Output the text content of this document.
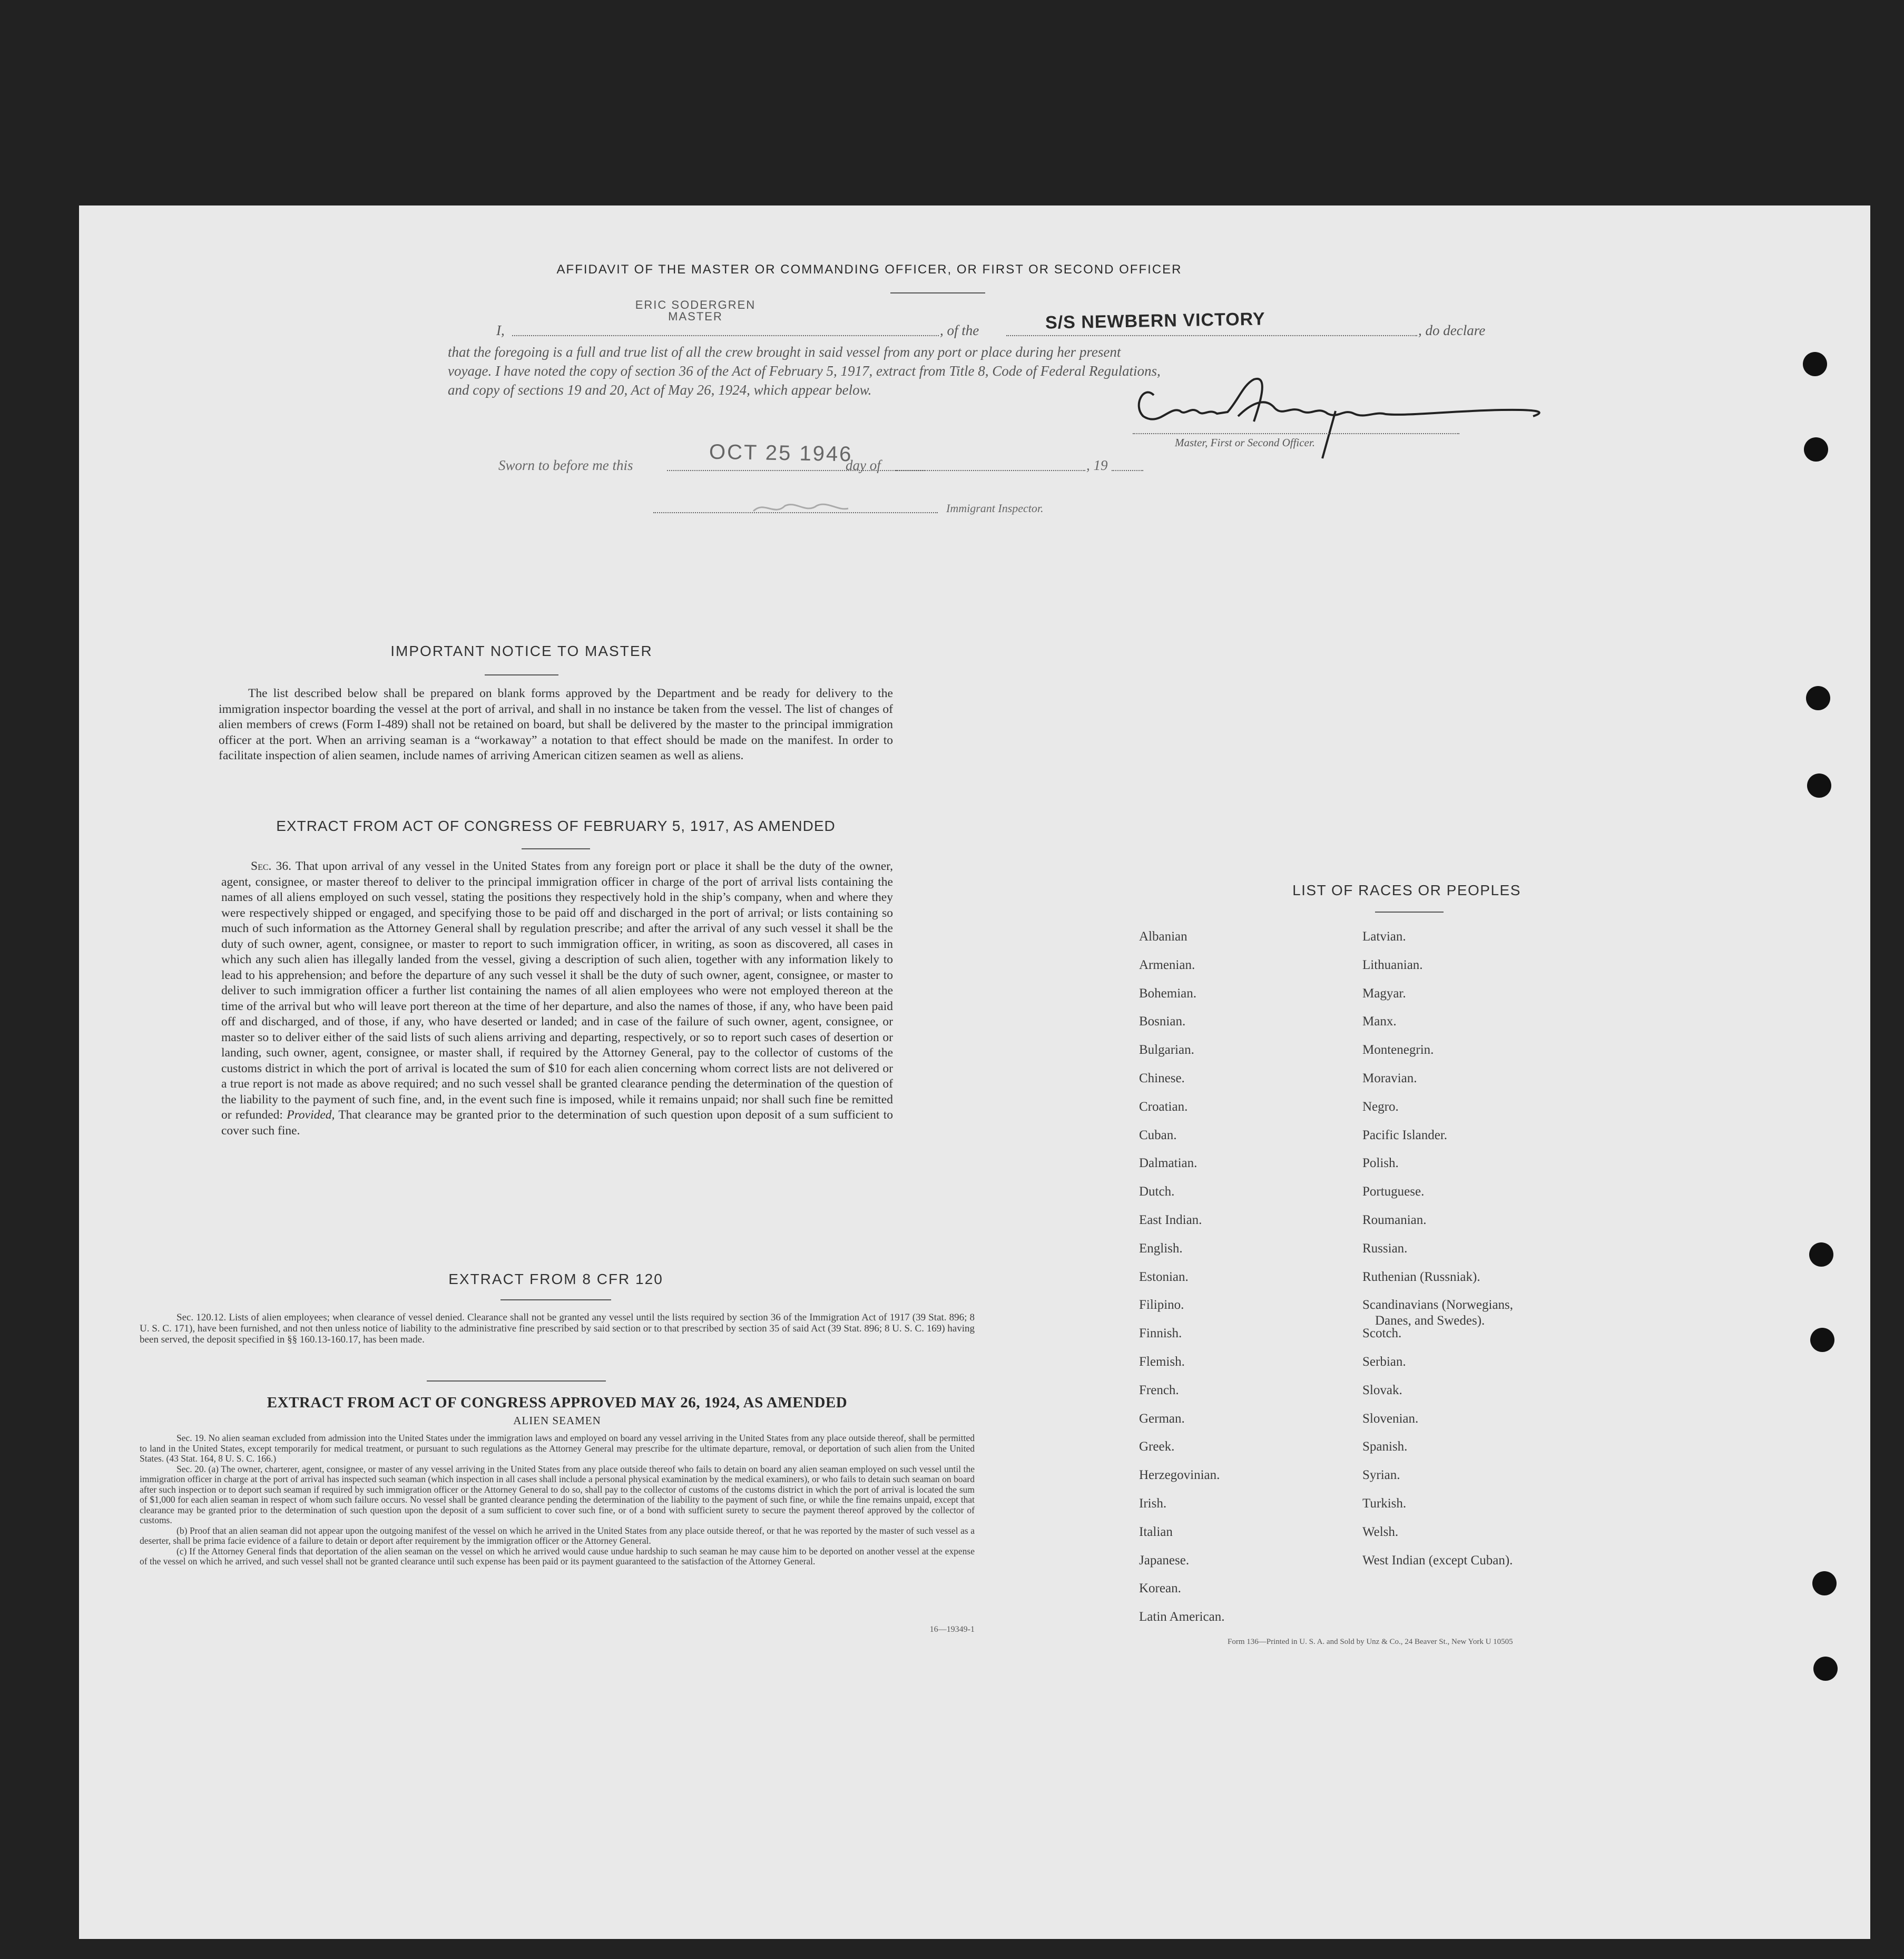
AFFIDAVIT OF THE MASTER OR COMMANDING OFFICER, OR FIRST OR SECOND OFFICER
ERIC SODERGREN
MASTER
I,	, of the	S/S NEWBERN VICTORY	, do declare
that the foregoing is a full and true list of all the crew brought in said vessel from any port or place during her present
voyage. I have noted the copy of section 36 of the Act of February 5, 1917, extract from Title 8, Code of Federal Regulations,
and copy of sections 19 and 20, Act of May 26, 1924, which appear below.
Master, First or Second Officer.
Sworn to before me this	OCT 25 1946
day of	, 19
Immigrant Inspector.
IMPORTANT NOTICE TO MASTER
The list described below shall be prepared on blank forms approved by the Department and be ready for delivery to the immigration inspector boarding the vessel at the port of arrival, and shall in no instance be taken from the vessel. The list of changes of alien members of crews (Form I-489) shall not be retained on board, but shall be delivered by the master to the principal immigration officer at the port. When an arriving seaman is a “workaway” a notation to that effect should be made on the manifest. In order to facilitate inspection of alien seamen, include names of arriving American citizen seamen as well as aliens.
EXTRACT FROM ACT OF CONGRESS OF FEBRUARY 5, 1917, AS AMENDED
Sec. 36. That upon arrival of any vessel in the United States from any foreign port or place it shall be the duty of the owner, agent, consignee, or master thereof to deliver to the principal immigration officer in charge of the port of arrival lists containing the names of all aliens employed on such vessel, stating the positions they respectively hold in the ship’s company, when and where they were respectively shipped or engaged, and specifying those to be paid off and discharged in the port of arrival; or lists containing so much of such information as the Attorney General shall by regulation prescribe; and after the arrival of any such vessel it shall be the duty of such owner, agent, consignee, or master to report to such immigration officer, in writing, as soon as discovered, all cases in which any such alien has illegally landed from the vessel, giving a description of such alien, together with any information likely to lead to his apprehension; and before the departure of any such vessel it shall be the duty of such owner, agent, consignee, or master to deliver to such immigration officer a further list containing the names of all alien employees who were not employed thereon at the time of the arrival but who will leave port thereon at the time of her departure, and also the names of those, if any, who have been paid off and discharged, and of those, if any, who have deserted or landed; and in case of the failure of such owner, agent, consignee, or master so to deliver either of the said lists of such aliens arriving and departing, respectively, or so to report such cases of desertion or landing, such owner, agent, consignee, or master shall, if required by the Attorney General, pay to the collector of customs of the customs district in which the port of arrival is located the sum of $10 for each alien concerning whom correct lists are not delivered or a true report is not made as above required; and no such vessel shall be granted clearance pending the determination of the question of the liability to the payment of such fine, and, in the event such fine is imposed, while it remains unpaid; nor shall such fine be remitted or refunded: Provided, That clearance may be granted prior to the determination of such question upon deposit of a sum sufficient to cover such fine.
EXTRACT FROM 8 CFR 120
Sec. 120.12. Lists of alien employees; when clearance of vessel denied. Clearance shall not be granted any vessel until the lists required by section 36 of the Immigration Act of 1917 (39 Stat. 896; 8 U. S. C. 171), have been furnished, and not then unless notice of liability to the administrative fine prescribed by said section or to that prescribed by section 35 of said Act (39 Stat. 896; 8 U. S. C. 169) having been served, the deposit specified in §§ 160.13-160.17, has been made.
EXTRACT FROM ACT OF CONGRESS APPROVED MAY 26, 1924, AS AMENDED
ALIEN SEAMEN
Sec. 19. No alien seaman excluded from admission into the United States under the immigration laws and employed on board any vessel arriving in the United States from any place outside thereof, shall be permitted to land in the United States, except temporarily for medical treatment, or pursuant to such regulations as the Attorney General may prescribe for the ultimate departure, removal, or deportation of such alien from the United States. (43 Stat. 164, 8 U. S. C. 166.)
Sec. 20. (a) The owner, charterer, agent, consignee, or master of any vessel arriving in the United States from any place outside thereof who fails to detain on board any alien seaman employed on such vessel until the immigration officer in charge at the port of arrival has inspected such seaman (which inspection in all cases shall include a personal physical examination by the medical examiners), or who fails to detain such seaman on board after such inspection or to deport such seaman if required by such immigration officer or the Attorney General to do so, shall pay to the collector of customs of the customs district in which the port of arrival is located the sum of $1,000 for each alien seaman in respect of whom such failure occurs. No vessel shall be granted clearance pending the determination of the liability to the payment of such fine, or while the fine remains unpaid, except that clearance may be granted prior to the determination of such question upon the deposit of a sum sufficient to cover such fine, or of a bond with sufficient surety to secure the payment thereof approved by the collector of customs.
(b) Proof that an alien seaman did not appear upon the outgoing manifest of the vessel on which he arrived in the United States from any place outside thereof, or that he was reported by the master of such vessel as a deserter, shall be prima facie evidence of a failure to detain or deport after requirement by the immigration officer or the Attorney General.
(c) If the Attorney General finds that deportation of the alien seaman on the vessel on which he arrived would cause undue hardship to such seaman he may cause him to be deported on another vessel at the expense of the vessel on which he arrived, and such vessel shall not be granted clearance until such expense has been paid or its payment guaranteed to the satisfaction of the Attorney General.
16—19349-1
LIST OF RACES OR PEOPLES
Albanian
Armenian.
Bohemian.
Bosnian.
Bulgarian.
Chinese.
Croatian.
Cuban.
Dalmatian.
Dutch.
East Indian.
English.
Estonian.
Filipino.
Finnish.
Flemish.
French.
German.
Greek.
Herzegovinian.
Irish.
Italian
Japanese.
Korean.
Latin American.
Latvian.
Lithuanian.
Magyar.
Manx.
Montenegrin.
Moravian.
Negro.
Pacific Islander.
Polish.
Portuguese.
Roumanian.
Russian.
Ruthenian (Russniak).
Scandinavians (Norwegians,
Danes, and Swedes).
Scotch.
Serbian.
Slovak.
Slovenian.
Spanish.
Syrian.
Turkish.
Welsh.
West Indian (except Cuban).
Form 136—Printed in U. S. A. and Sold by Unz & Co., 24 Beaver St., New York U 10505
